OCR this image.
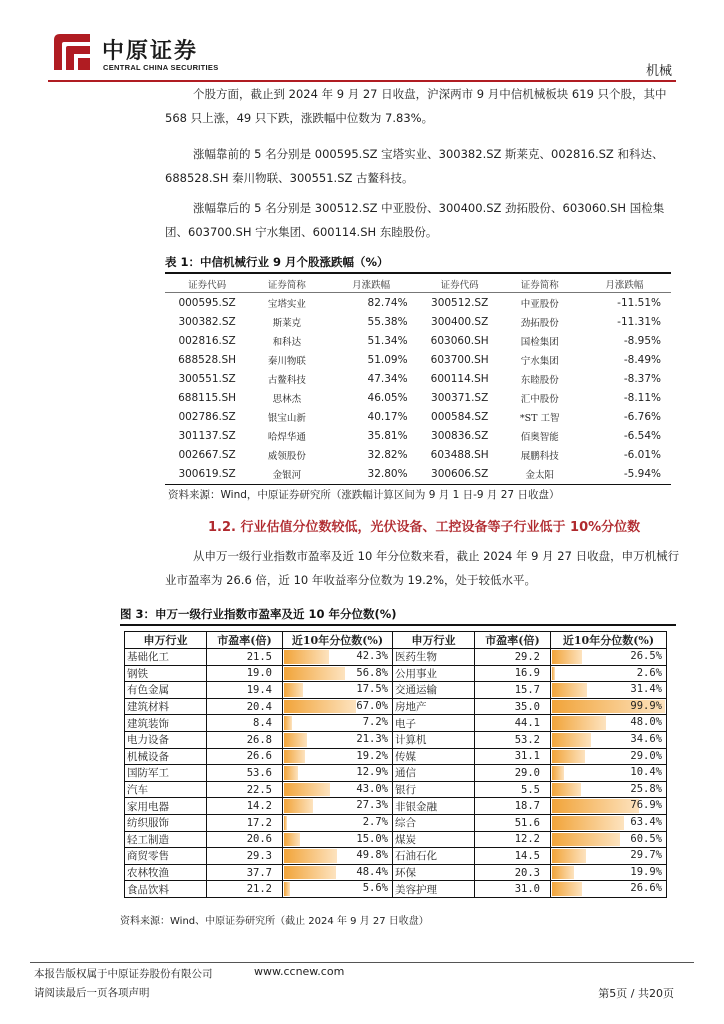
中原证券
CENTRAL CHINA SECURITIES	机械
个股方面，截止到 2024 年 9 月 27 日收盘，沪深两市 9 月中信机械板块 619 只个股，其中 568 只上涨，49 只下跌，涨跌幅中位数为 7.83%。
涨幅靠前的 5 名分别是 000595.SZ 宝塔实业、300382.SZ 斯莱克、002816.SZ 和科达、688528.SH 秦川物联、300551.SZ 古鳌科技。
涨幅靠后的 5 名分别是 300512.SZ 中亚股份、300400.SZ 劲拓股份、603060.SH 国检集团、603700.SH 宁水集团、600114.SH 东睦股份。
表 1：中信机械行业 9 月个股涨跌幅（%）
证券代码	证券简称	月涨跌幅	证券代码	证券简称	月涨跌幅
000595.SZ	宝塔实业	82.74%	300512.SZ	中亚股份	-11.51%
300382.SZ	斯莱克	55.38%	300400.SZ	劲拓股份	-11.31%
002816.SZ	和科达	51.34%	603060.SH	国检集团	-8.95%
688528.SH	秦川物联	51.09%	603700.SH	宁水集团	-8.49%
300551.SZ	古鳌科技	47.34%	600114.SH	东睦股份	-8.37%
688115.SH	思林杰	46.05%	300371.SZ	汇中股份	-8.11%
002786.SZ	银宝山新	40.17%	000584.SZ	*ST 工智	-6.76%
301137.SZ	哈焊华通	35.81%	300836.SZ	佰奥智能	-6.54%
002667.SZ	威领股份	32.82%	603488.SH	展鹏科技	-6.01%
300619.SZ	金银河	32.80%	300606.SZ	金太阳	-5.94%
资料来源：Wind，中原证券研究所（涨跌幅计算区间为 9 月 1 日-9 月 27 日收盘）
1.2. 行业估值分位数较低，光伏设备、工控设备等子行业低于 10%分位数
从申万一级行业指数市盈率及近 10 年分位数来看，截止 2024 年 9 月 27 日收盘，申万机械行业市盈率为 26.6 倍，近 10 年收益率分位数为 19.2%，处于较低水平。
图 3：申万一级行业指数市盈率及近 10 年分位数(%)
申万行业	市盈率(倍)	近10年分位数(%)	申万行业	市盈率(倍)	近10年分位数(%)
基础化工	21.5	42.3%	医药生物	29.2	26.5%

钢铁	19.0	56.8%	公用事业	16.9	2.6%

有色金属	19.4	17.5%	交通运输	15.7	31.4%

建筑材料	20.4	67.0%	房地产	35.0	99.9%

建筑装饰	8.4	7.2%	电子	44.1	48.0%

电力设备	26.8	21.3%	计算机	53.2	34.6%

机械设备	26.6	19.2%	传媒	31.1	29.0%

国防军工	53.6	12.9%	通信	29.0	10.4%

汽车	22.5	43.0%	银行	5.5	25.8%

家用电器	14.2	27.3%	非银金融	18.7	76.9%

纺织服饰	17.2	2.7%	综合	51.6	63.4%

轻工制造	20.6	15.0%	煤炭	12.2	60.5%

商贸零售	29.3	49.8%	石油石化	14.5	29.7%

农林牧渔	37.7	48.4%	环保	20.3	19.9%

食品饮料	21.2	5.6%	美容护理	31.0	26.6%
资料来源：Wind、中原证券研究所（截止 2024 年 9 月 27 日收盘）
本报告版权属于中原证券股份有限公司	www.ccnew.com
请阅读最后一页各项声明	第5页 / 共20页
